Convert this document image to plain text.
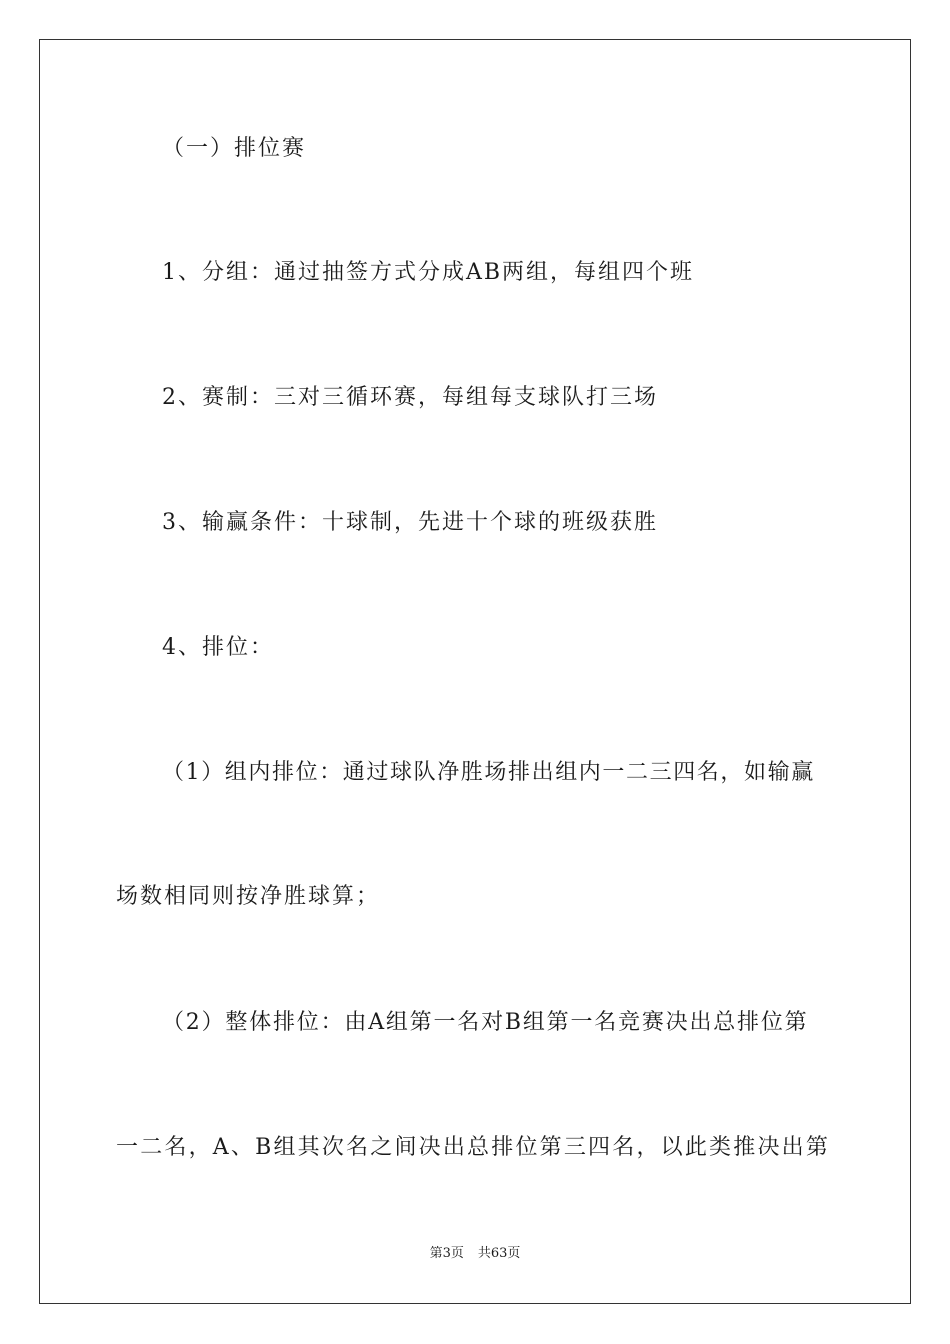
（一）排位赛
1、分组：通过抽签方式分成AB两组，每组四个班
2、赛制：三对三循环赛，每组每支球队打三场
3、输赢条件：十球制，先进十个球的班级获胜
4、排位：
（1）组内排位：通过球队净胜场排出组内一二三四名，如输赢
场数相同则按净胜球算；
（2）整体排位：由A组第一名对B组第一名竞赛决出总排位第
一二名，A、B组其次名之间决出总排位第三四名，以此类推决出第
第3页 共63页
